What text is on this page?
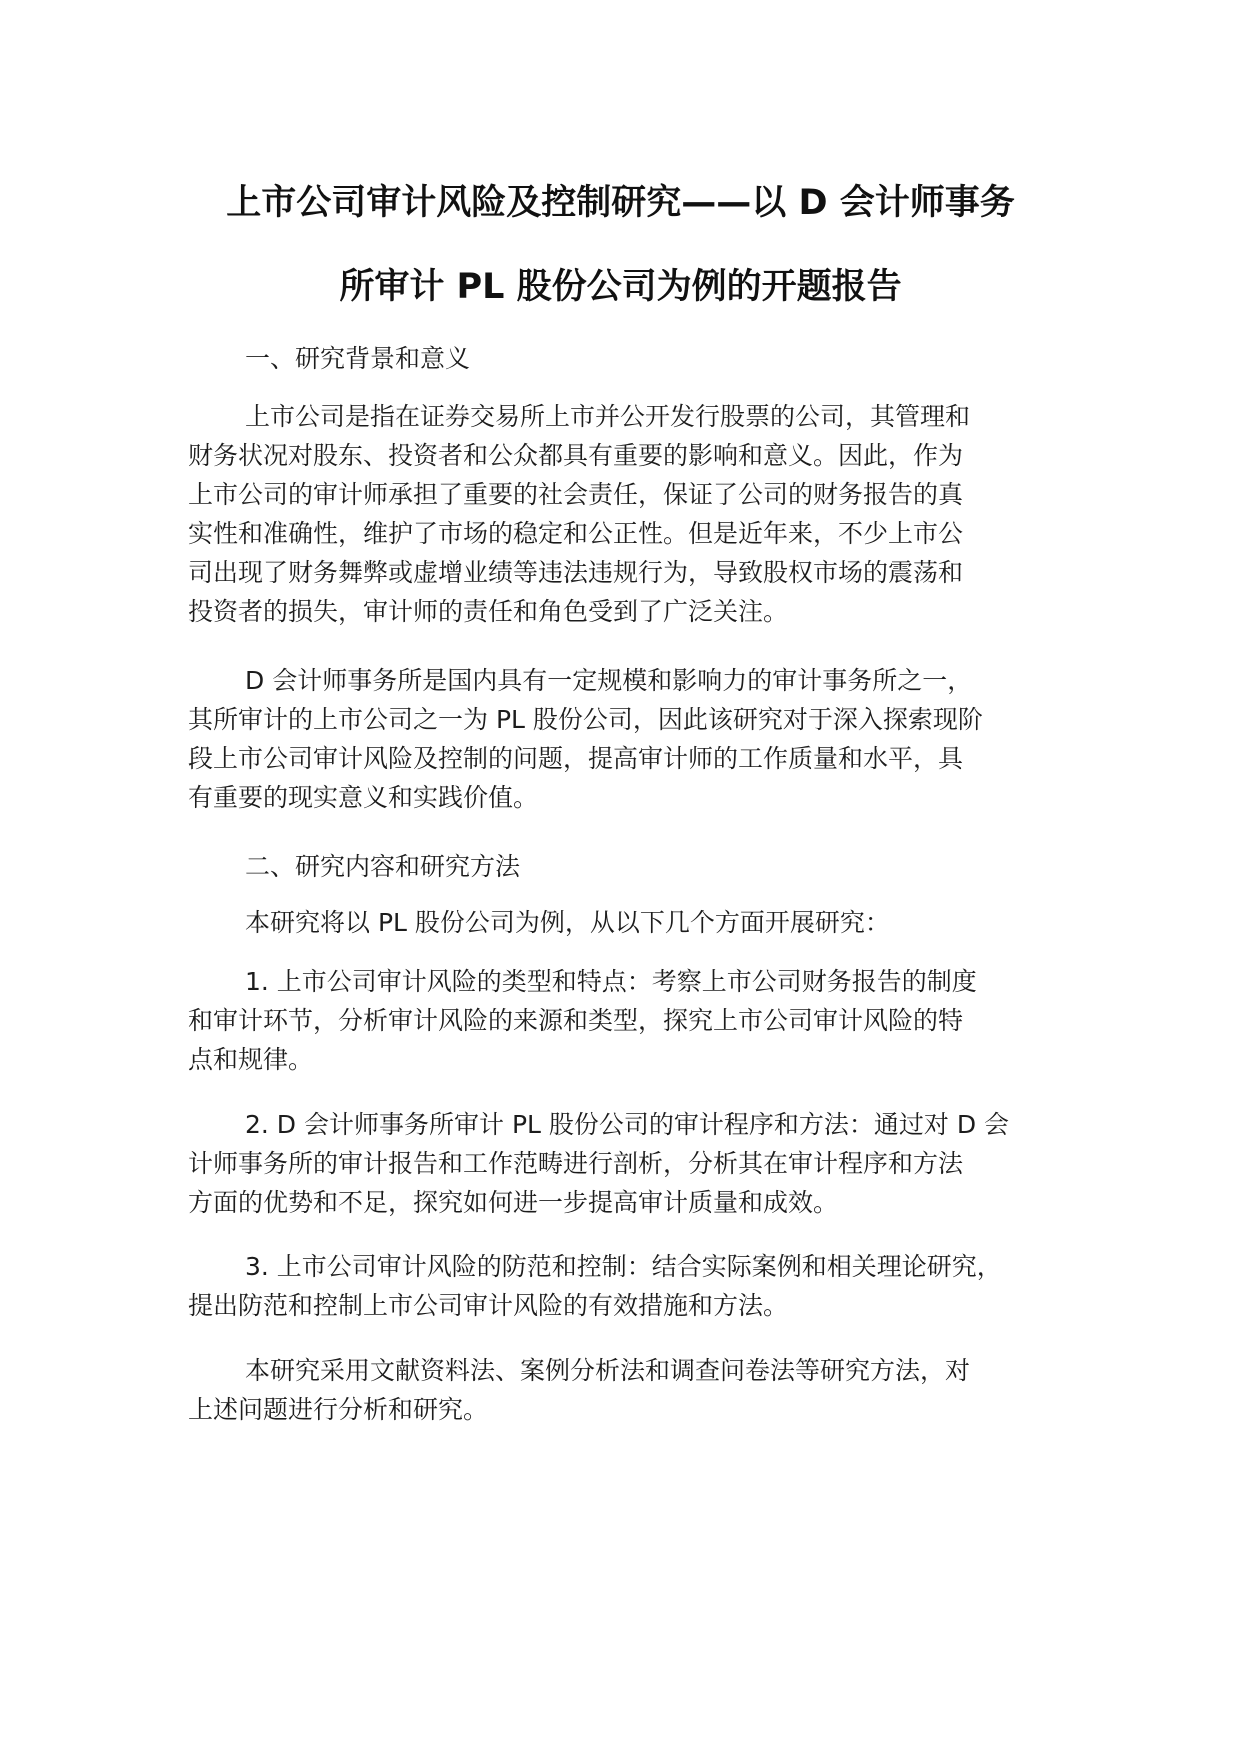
上市公司审计风险及控制研究——以 D 会计师事务
所审计 PL 股份公司为例的开题报告
一、研究背景和意义
上市公司是指在证券交易所上市并公开发行股票的公司，其管理和
财务状况对股东、投资者和公众都具有重要的影响和意义。因此，作为
上市公司的审计师承担了重要的社会责任，保证了公司的财务报告的真
实性和准确性，维护了市场的稳定和公正性。但是近年来，不少上市公
司出现了财务舞弊或虚增业绩等违法违规行为，导致股权市场的震荡和
投资者的损失，审计师的责任和角色受到了广泛关注。
D 会计师事务所是国内具有一定规模和影响力的审计事务所之一，
其所审计的上市公司之一为 PL 股份公司，因此该研究对于深入探索现阶
段上市公司审计风险及控制的问题，提高审计师的工作质量和水平，具
有重要的现实意义和实践价值。
二、研究内容和研究方法
本研究将以 PL 股份公司为例，从以下几个方面开展研究：
1. 上市公司审计风险的类型和特点：考察上市公司财务报告的制度
和审计环节，分析审计风险的来源和类型，探究上市公司审计风险的特
点和规律。
2. D 会计师事务所审计 PL 股份公司的审计程序和方法：通过对 D 会
计师事务所的审计报告和工作范畴进行剖析，分析其在审计程序和方法
方面的优势和不足，探究如何进一步提高审计质量和成效。
3. 上市公司审计风险的防范和控制：结合实际案例和相关理论研究，
提出防范和控制上市公司审计风险的有效措施和方法。
本研究采用文献资料法、案例分析法和调查问卷法等研究方法，对
上述问题进行分析和研究。
